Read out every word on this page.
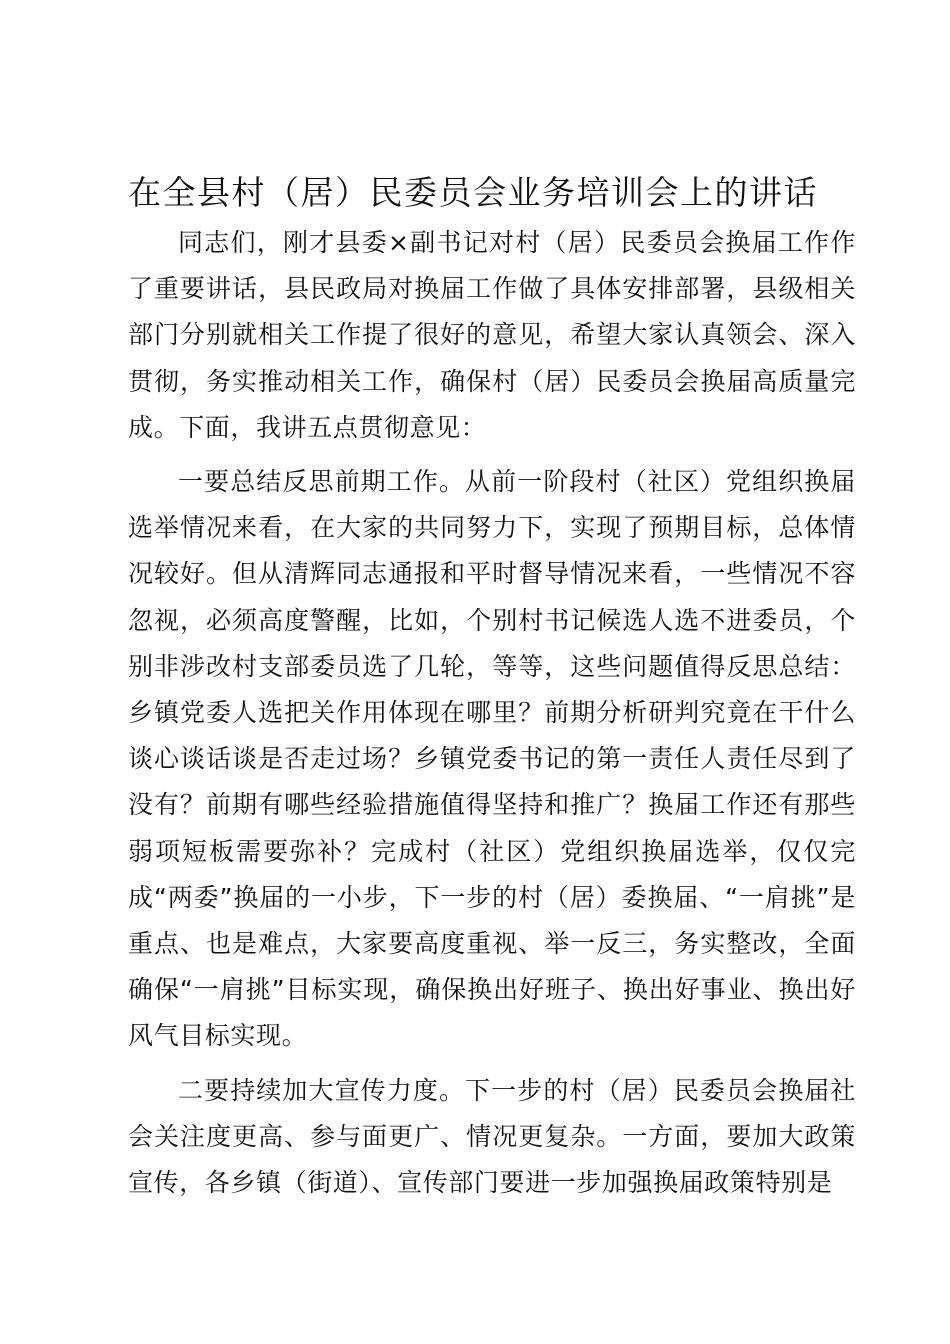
在全县村（居）民委员会业务培训会上的讲话

同志们，刚才县委×副书记对村（居）民委员会换届工作作了重要讲话，县民政局对换届工作做了具体安排部署，县级相关部门分别就相关工作提了很好的意见，希望大家认真领会、深入贯彻，务实推动相关工作，确保村（居）民委员会换届高质量完成。下面，我讲五点贯彻意见：

一要总结反思前期工作。从前一阶段村（社区）党组织换届选举情况来看，在大家的共同努力下，实现了预期目标，总体情况较好。但从清辉同志通报和平时督导情况来看，一些情况不容忽视，必须高度警醒，比如，个别村书记候选人选不进委员，个别非涉改村支部委员选了几轮，等等，这些问题值得反思总结：乡镇党委人选把关作用体现在哪里？前期分析研判究竟在干什么谈心谈话谈是否走过场？乡镇党委书记的第一责任人责任尽到了没有？前期有哪些经验措施值得坚持和推广？换届工作还有那些弱项短板需要弥补？完成村（社区）党组织换届选举，仅仅完成“两委”换届的一小步，下一步的村（居）委换届、“一肩挑”是重点、也是难点，大家要高度重视、举一反三，务实整改，全面确保“一肩挑”目标实现，确保换出好班子、换出好事业、换出好风气目标实现。

二要持续加大宣传力度。下一步的村（居）民委员会换届社会关注度更高、参与面更广、情况更复杂。一方面，要加大政策宣传，各乡镇（街道）、宣传部门要进一步加强换届政策特别是
